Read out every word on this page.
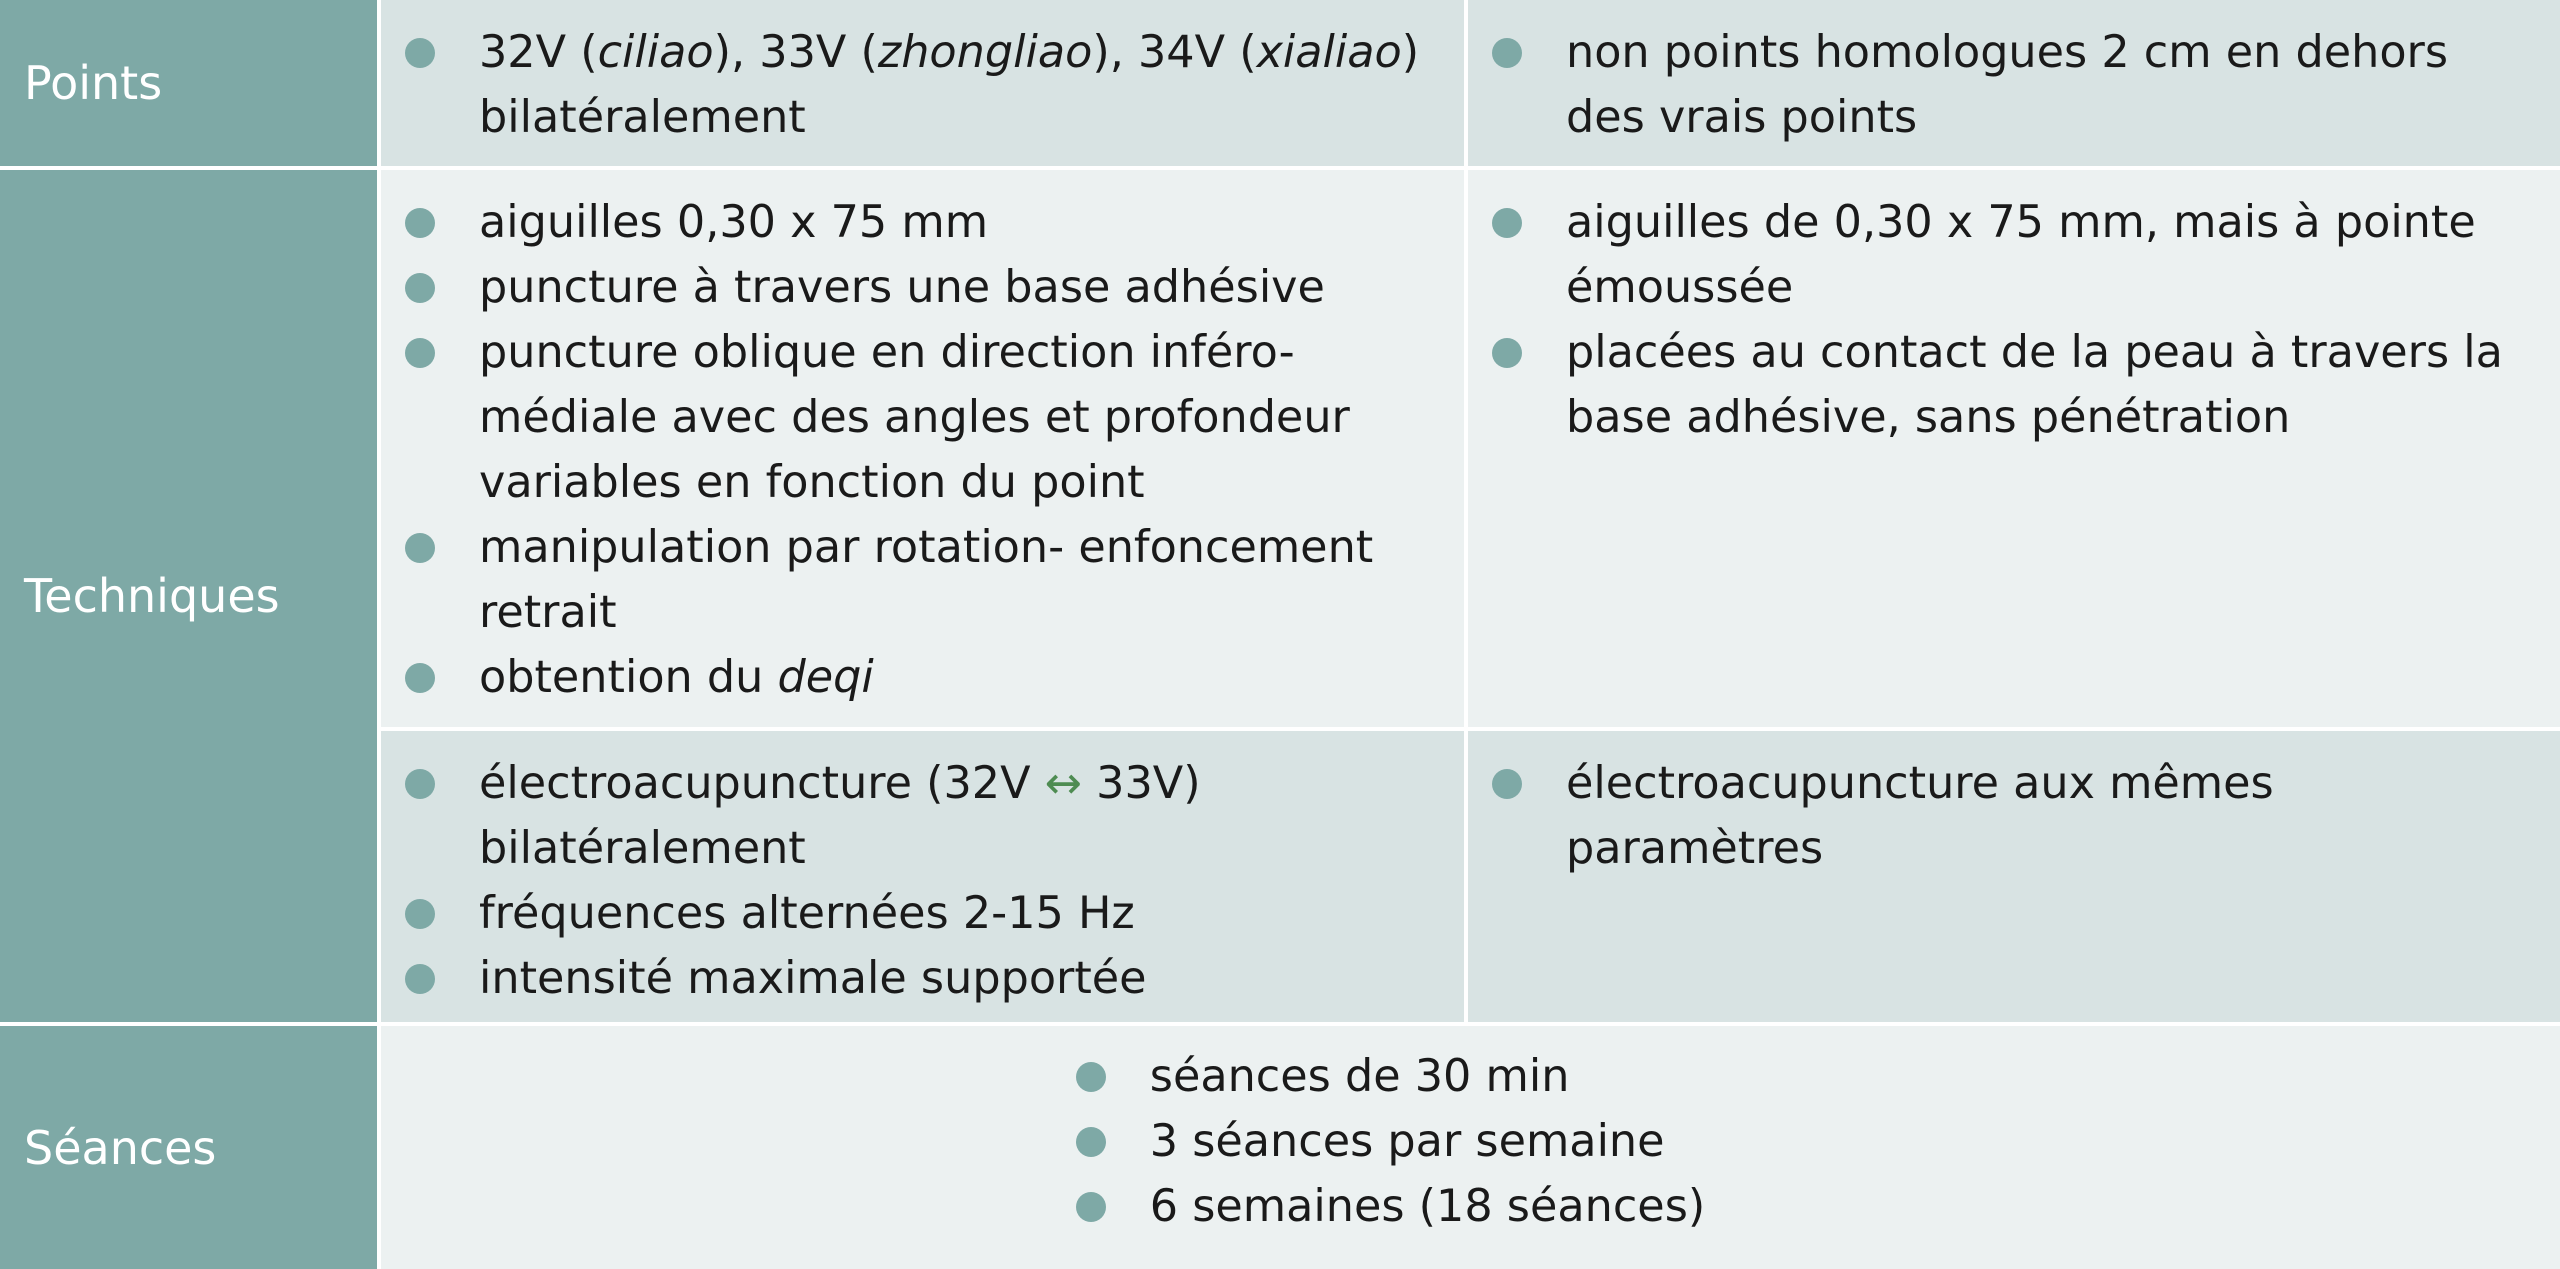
Points
32V (ciliao), 33V (zhongliao), 34V (xialiao) bilatéralement
non points homologues 2 cm en dehors des vrais points
Techniques
aiguilles 0,30 x 75 mm
puncture à travers une base adhésive
puncture oblique en direction inféro-médiale avec des angles et profondeur variables en fonction du point
manipulation par rotation- enfoncement retrait
obtention du deqi
aiguilles de 0,30 x 75 mm, mais à pointe émoussée
placées au contact de la peau à travers la base adhésive, sans pénétration
électroacupuncture (32V ↔ 33V) bilatéralement
fréquences alternées 2-15 Hz
intensité maximale supportée
électroacupuncture aux mêmes paramètres
Séances
séances de 30 min
3 séances par semaine
6 semaines (18 séances)
